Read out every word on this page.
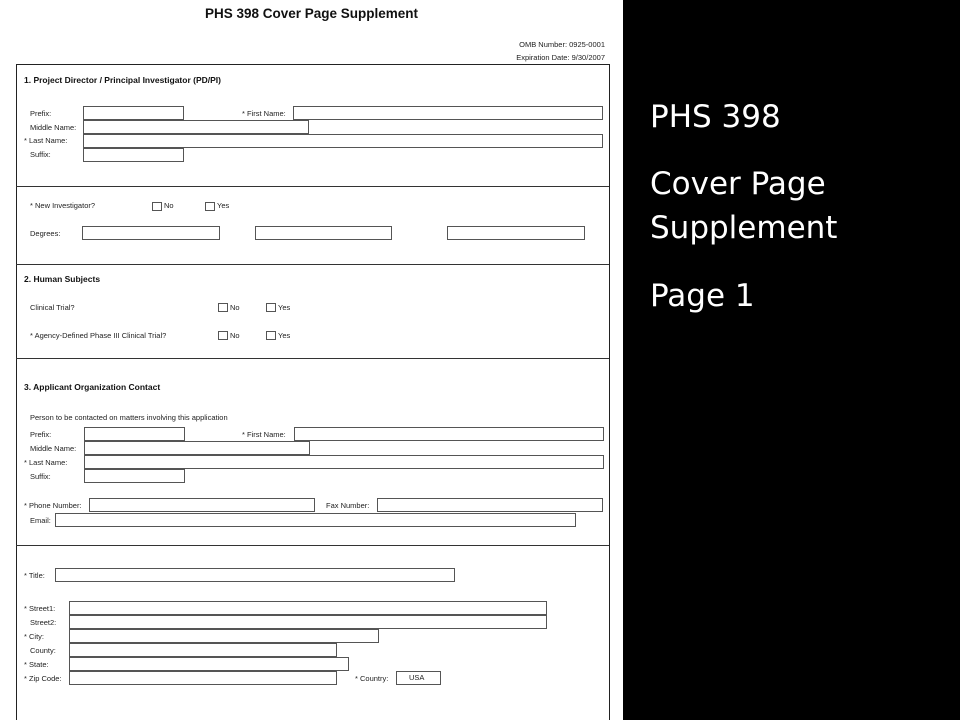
PHS 398 Cover Page Supplement
OMB Number: 0925-0001
Expiration Date: 9/30/2007
1. Project Director / Principal Investigator (PD/PI)
Prefix:	* First Name:
Middle Name:
* Last Name:
Suffix:
* New Investigator?	No	Yes
Degrees:
2. Human Subjects
Clinical Trial?	No	Yes
* Agency-Defined Phase III Clinical Trial?	No	Yes
3. Applicant Organization Contact
Person to be contacted on matters involving this application
Prefix:	* First Name:
Middle Name:
* Last Name:
Suffix:
* Phone Number:	Fax Number:
Email:
* Title:
* Street1:
Street2:
* City:
County:
* State:
* Zip Code:	* Country:	USA
PHS 398
Cover Page
Supplement
Page 1
